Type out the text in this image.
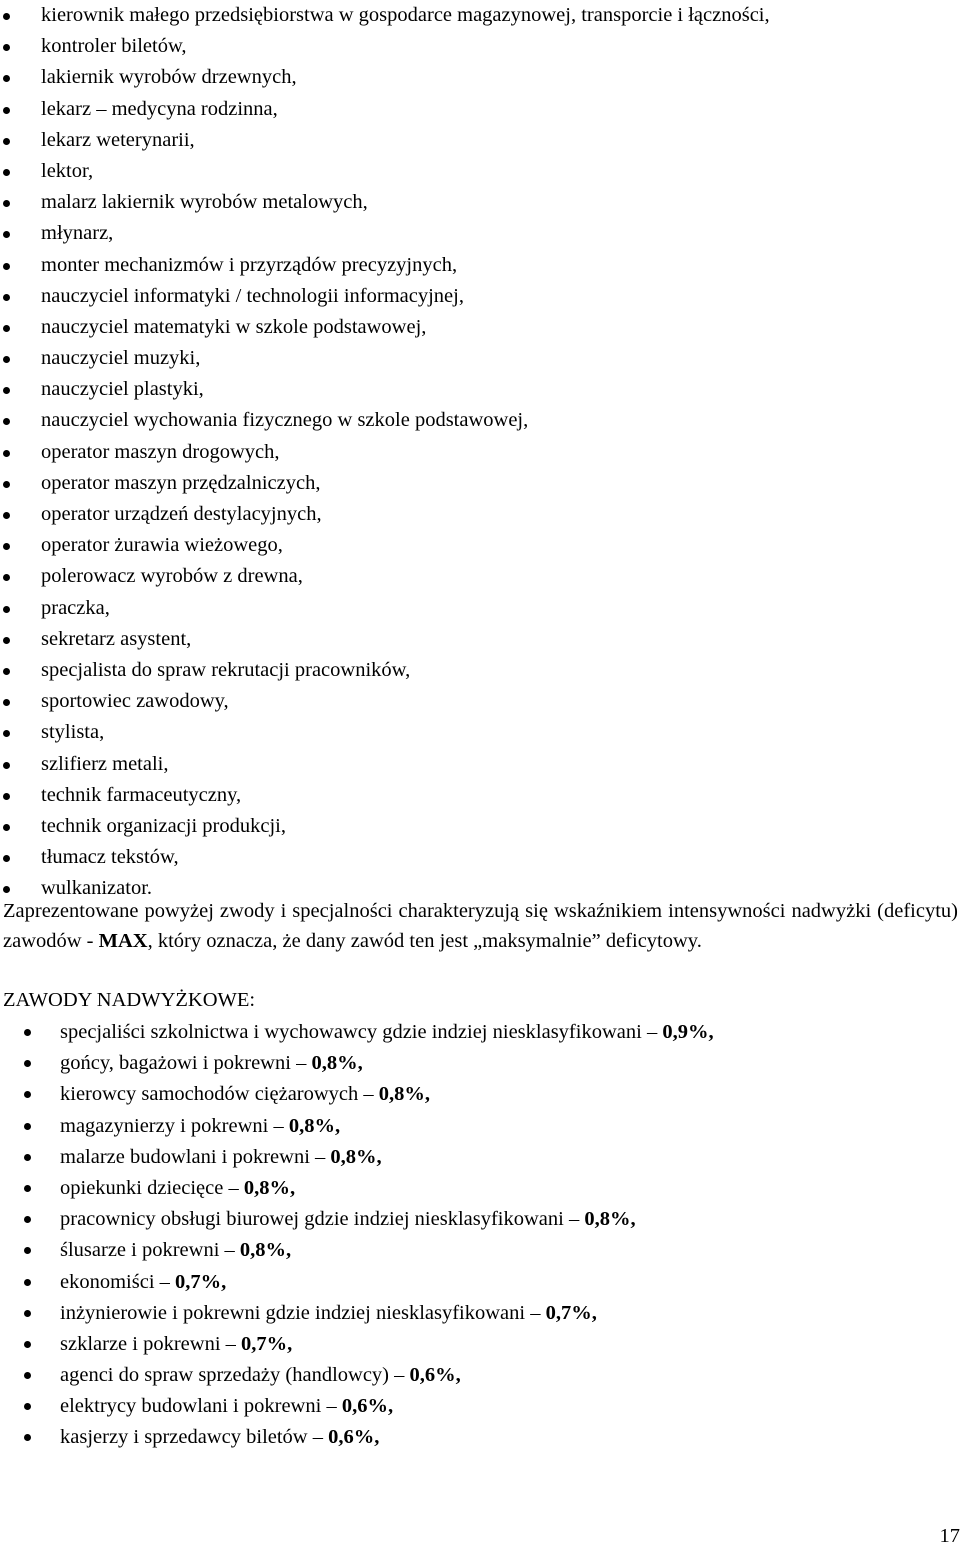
kierownik małego przedsiębiorstwa w gospodarce magazynowej, transporcie i łączności,
kontroler biletów,
lakiernik wyrobów drzewnych,
lekarz – medycyna rodzinna,
lekarz weterynarii,
lektor,
malarz lakiernik wyrobów metalowych,
młynarz,
monter mechanizmów i przyrządów precyzyjnych,
nauczyciel informatyki / technologii informacyjnej,
nauczyciel matematyki w szkole podstawowej,
nauczyciel muzyki,
nauczyciel plastyki,
nauczyciel wychowania fizycznego w szkole podstawowej,
operator maszyn drogowych,
operator maszyn przędzalniczych,
operator urządzeń destylacyjnych,
operator żurawia wieżowego,
polerowacz wyrobów z drewna,
praczka,
sekretarz asystent,
specjalista do spraw rekrutacji pracowników,
sportowiec zawodowy,
stylista,
szlifierz metali,
technik farmaceutyczny,
technik organizacji produkcji,
tłumacz tekstów,
wulkanizator.

Zaprezentowane powyżej zwody i specjalności charakteryzują się wskaźnikiem intensywności nadwyżki (deficytu) zawodów - MAX, który oznacza, że dany zawód ten jest „maksymalnie” deficytowy.

ZAWODY NADWYŻKOWE:
specjaliści szkolnictwa i wychowawcy gdzie indziej niesklasyfikowani – 0,9%,
gońcy, bagażowi i pokrewni – 0,8%,
kierowcy samochodów ciężarowych – 0,8%,
magazynierzy i pokrewni – 0,8%,
malarze budowlani i pokrewni – 0,8%,
opiekunki dziecięce – 0,8%,
pracownicy obsługi biurowej gdzie indziej niesklasyfikowani – 0,8%,
ślusarze i pokrewni – 0,8%,
ekonomiści – 0,7%,
inżynierowie i pokrewni gdzie indziej niesklasyfikowani – 0,7%,
szklarze i pokrewni – 0,7%,
agenci do spraw sprzedaży (handlowcy) – 0,6%,
elektrycy budowlani i pokrewni – 0,6%,
kasjerzy i sprzedawcy biletów – 0,6%,
17
